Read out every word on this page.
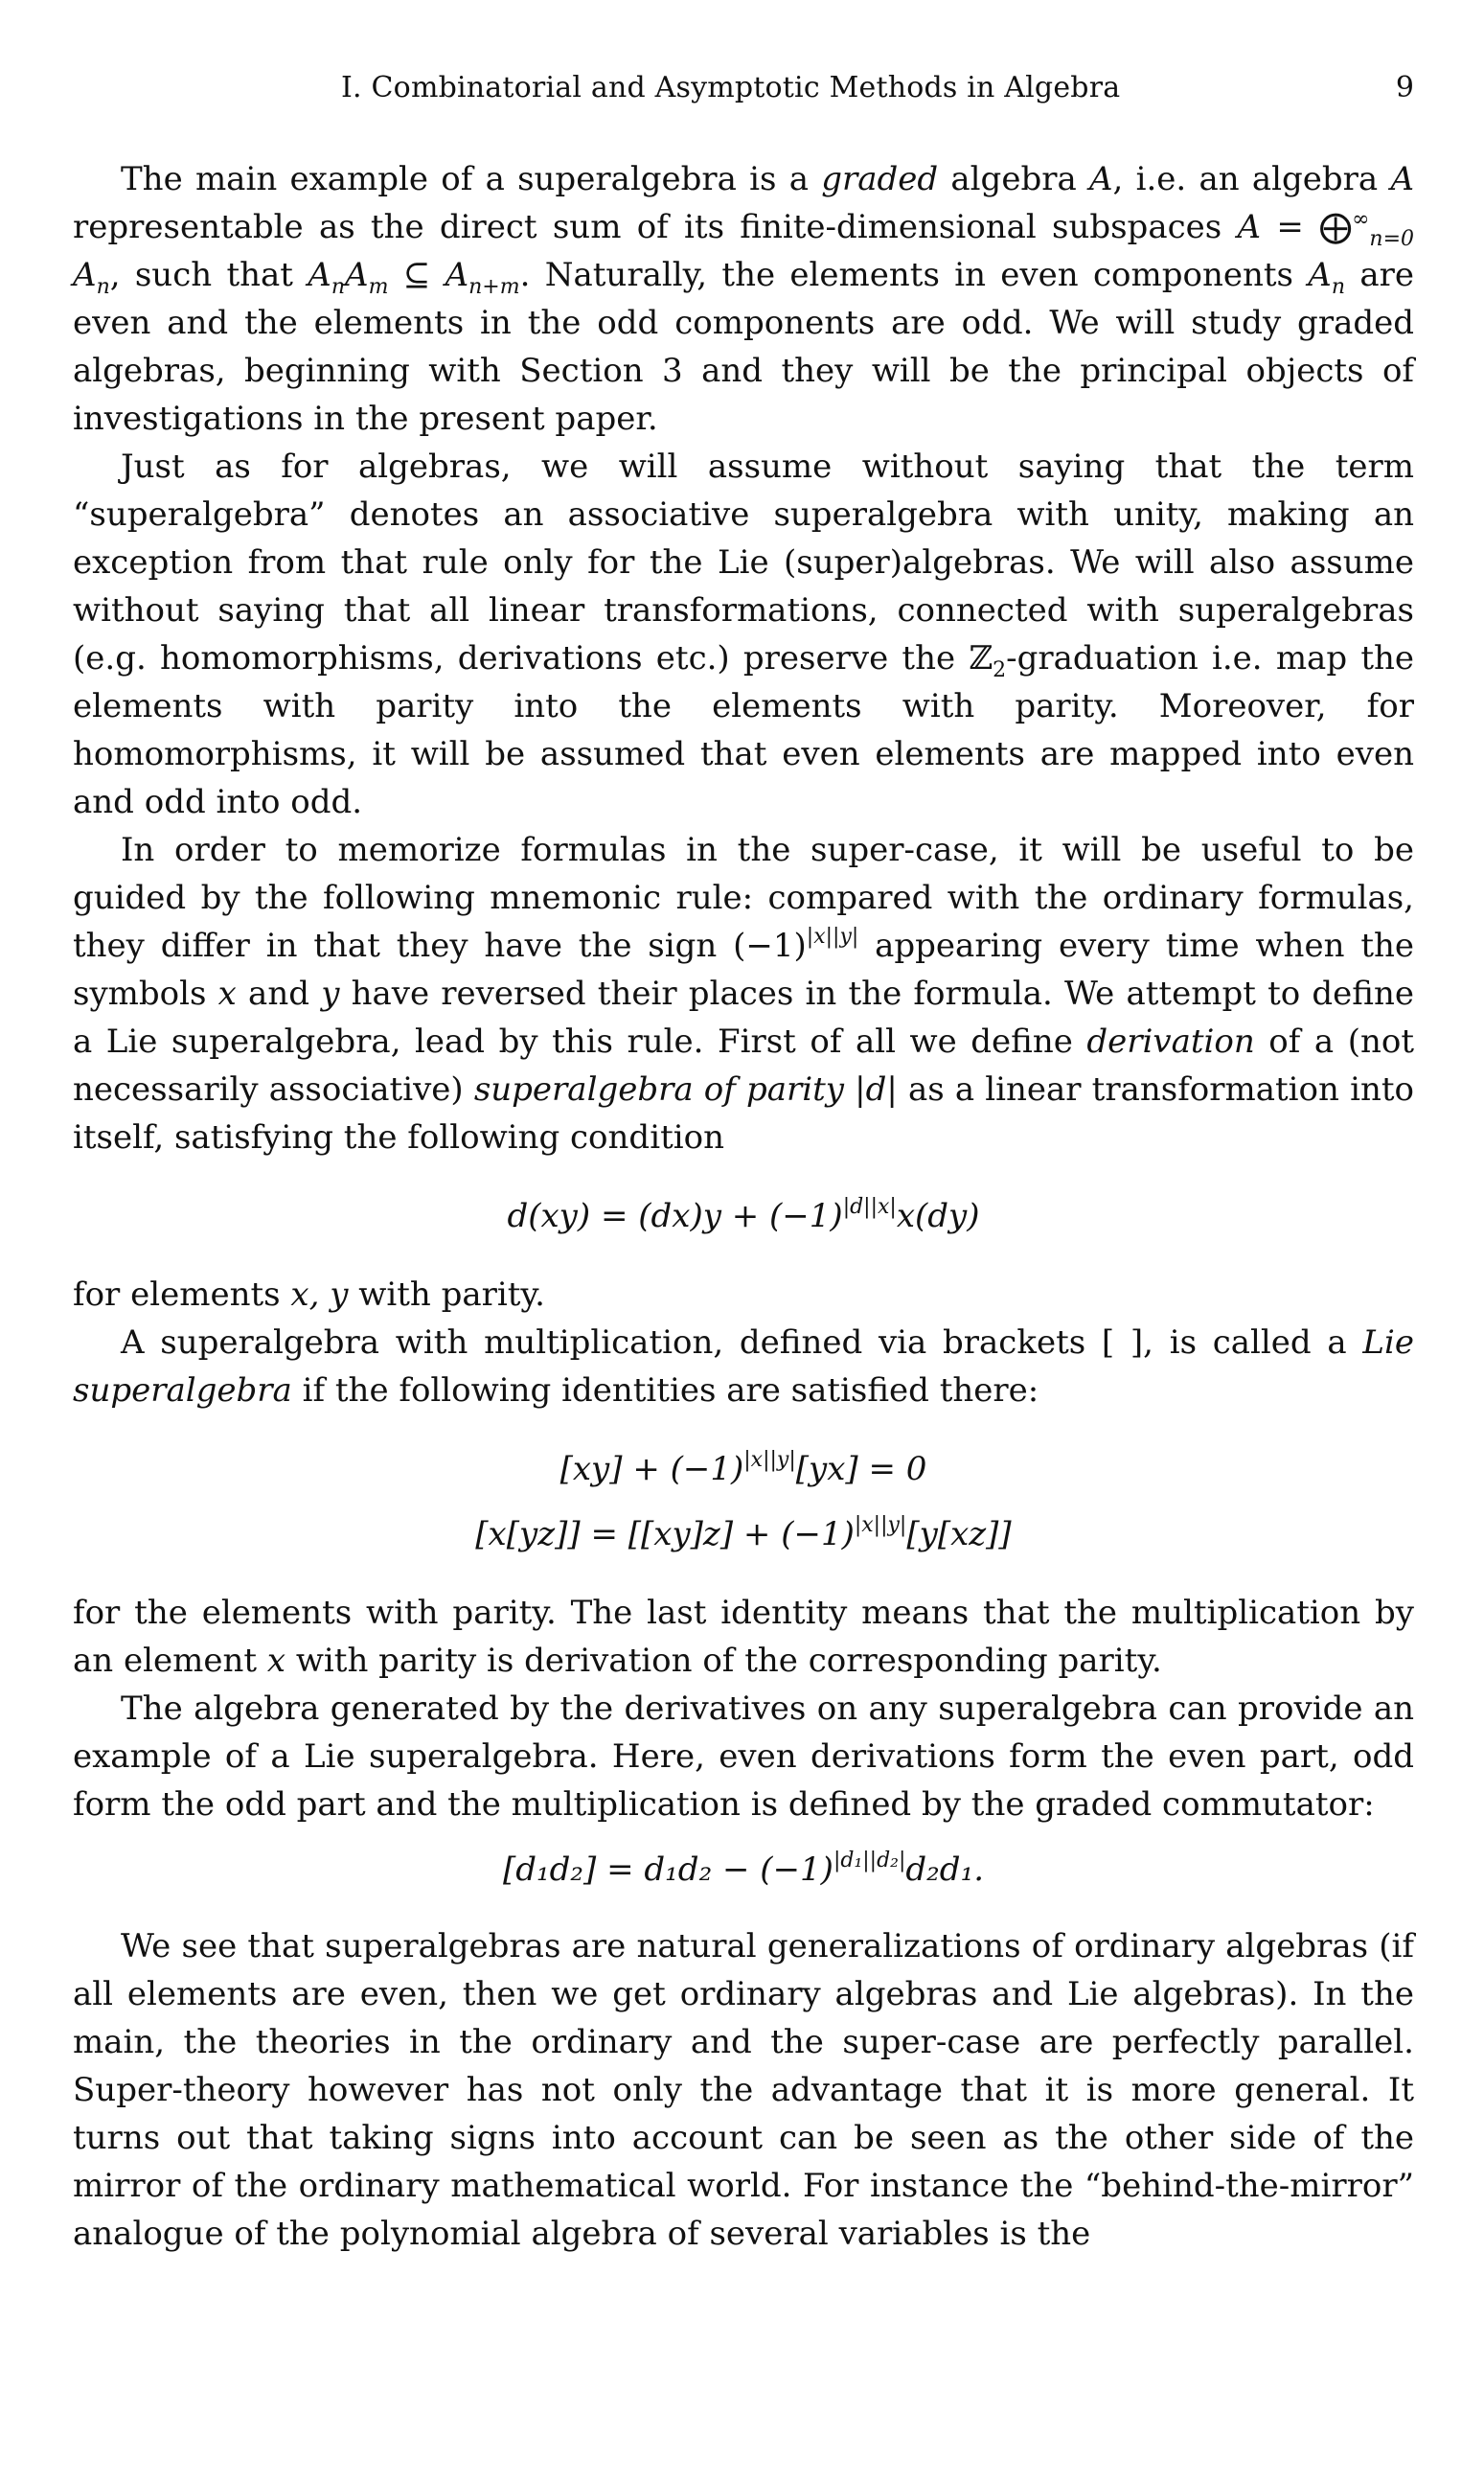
I. Combinatorial and Asymptotic Methods in Algebra	9

The main example of a superalgebra is a graded algebra A, i.e. an algebra A representable as the direct sum of its finite-dimensional subspaces $A = ⨁^\infty_{n=0}$ $A_n$, such that $A_nA_m$ ⊆ $A_{n+m}$. Naturally, the elements in even components $A_n$ are even and the elements in the odd components are odd. We will study graded algebras, beginning with Section 3 and they will be the principal objects of investigations in the present paper.

Just as for algebras, we will assume without saying that the term “superalgebra” denotes an associative superalgebra with unity, making an exception from that rule only for the Lie (super)algebras. We will also assume without saying that all linear transformations, connected with superalgebras (e.g. homomorphisms, derivations etc.) preserve the ℤ$_2$-graduation i.e. map the elements with parity into the elements with parity. Moreover, for homomorphisms, it will be assumed that even elements are mapped into even and odd into odd.

In order to memorize formulas in the super-case, it will be useful to be guided by the following mnemonic rule: compared with the ordinary formulas, they differ in that they have the sign $(-1)^{|x||y|}$ appearing every time when the symbols x and y have reversed their places in the formula. We attempt to define a Lie superalgebra, lead by this rule. First of all we define derivation of a (not necessarily associative) superalgebra of parity |d| as a linear transformation into itself, satisfying the following condition

$d(xy) = (dx)y + (-1)^{|d||x|}x(dy)$

for elements x, y with parity.

A superalgebra with multiplication, defined via brackets [ ], is called a Lie superalgebra if the following identities are satisfied there:

$[xy] + (-1)^{|x||y|}[yx] = 0$
$[x[yz]] = [[xy]z] + (-1)^{|x||y|}[y[xz]]$

for the elements with parity. The last identity means that the multiplication by an element x with parity is derivation of the corresponding parity.

The algebra generated by the derivatives on any superalgebra can provide an example of a Lie superalgebra. Here, even derivations form the even part, odd form the odd part and the multiplication is defined by the graded commutator:

$[d_1d_2] = d_1d_2 - (-1)^{|d_1||d_2|}d_2d_1$.

We see that superalgebras are natural generalizations of ordinary algebras (if all elements are even, then we get ordinary algebras and Lie algebras). In the main, the theories in the ordinary and the super-case are perfectly parallel. Super-theory however has not only the advantage that it is more general. It turns out that taking signs into account can be seen as the other side of the mirror of the ordinary mathematical world. For instance the “behind-the-mirror” analogue of the polynomial algebra of several variables is the
